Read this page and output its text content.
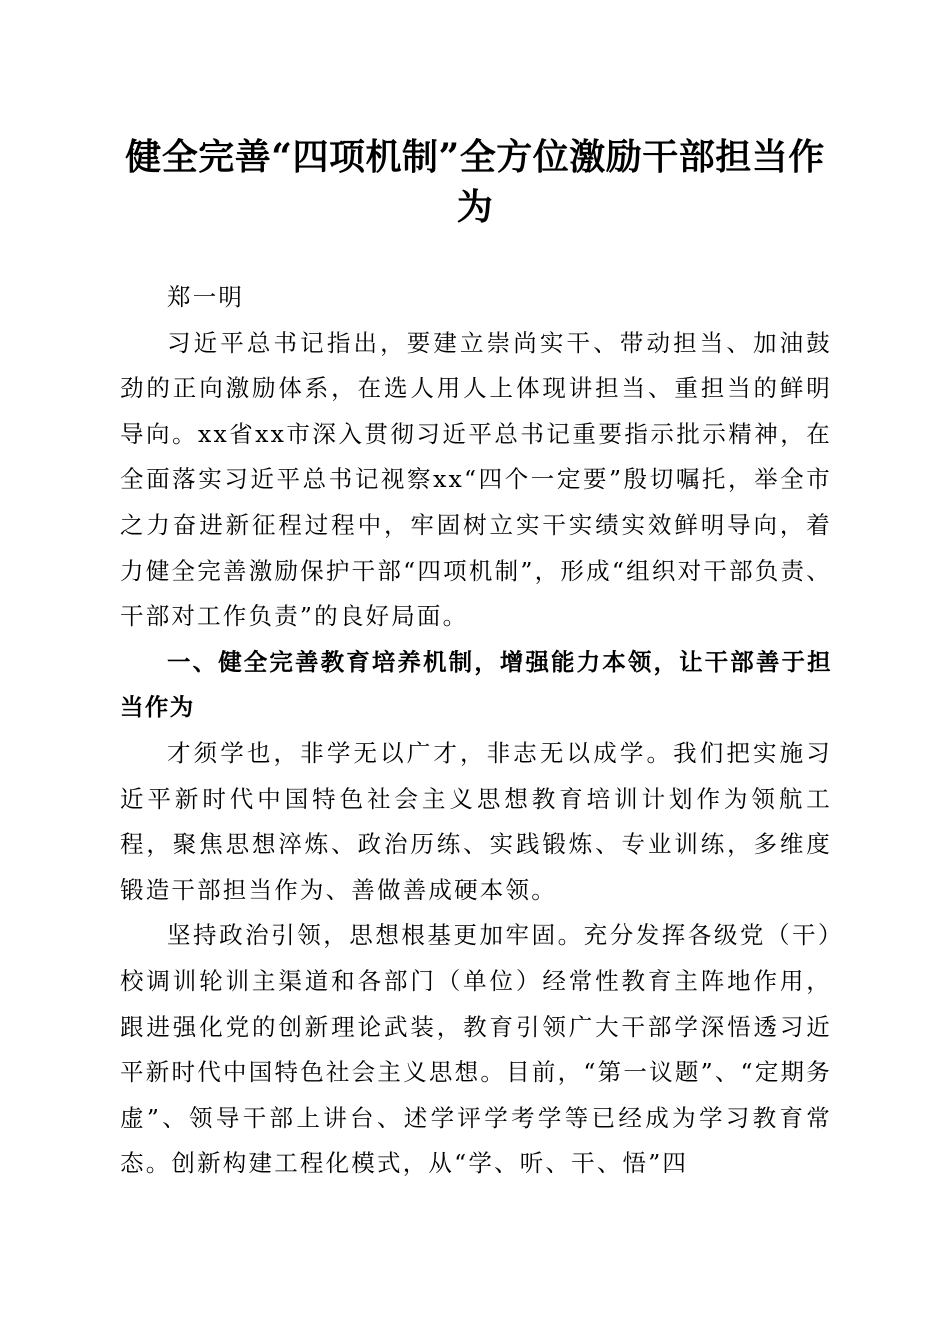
健全完善“四项机制”全方位激励干部担当作为

郑一明

习近平总书记指出，要建立崇尚实干、带动担当、加油鼓劲的正向激励体系，在选人用人上体现讲担当、重担当的鲜明导向。xx省xx市深入贯彻习近平总书记重要指示批示精神，在全面落实习近平总书记视察xx“四个一定要”殷切嘱托，举全市之力奋进新征程过程中，牢固树立实干实绩实效鲜明导向，着力健全完善激励保护干部“四项机制”，形成“组织对干部负责、干部对工作负责”的良好局面。

一、健全完善教育培养机制，增强能力本领，让干部善于担当作为

才须学也，非学无以广才，非志无以成学。我们把实施习近平新时代中国特色社会主义思想教育培训计划作为领航工程，聚焦思想淬炼、政治历练、实践锻炼、专业训练，多维度锻造干部担当作为、善做善成硬本领。

坚持政治引领，思想根基更加牢固。充分发挥各级党（干）校调训轮训主渠道和各部门（单位）经常性教育主阵地作用，跟进强化党的创新理论武装，教育引领广大干部学深悟透习近平新时代中国特色社会主义思想。目前，“第一议题”、“定期务虚”、领导干部上讲台、述学评学考学等已经成为学习教育常态。创新构建工程化模式，从“学、听、干、悟”四
